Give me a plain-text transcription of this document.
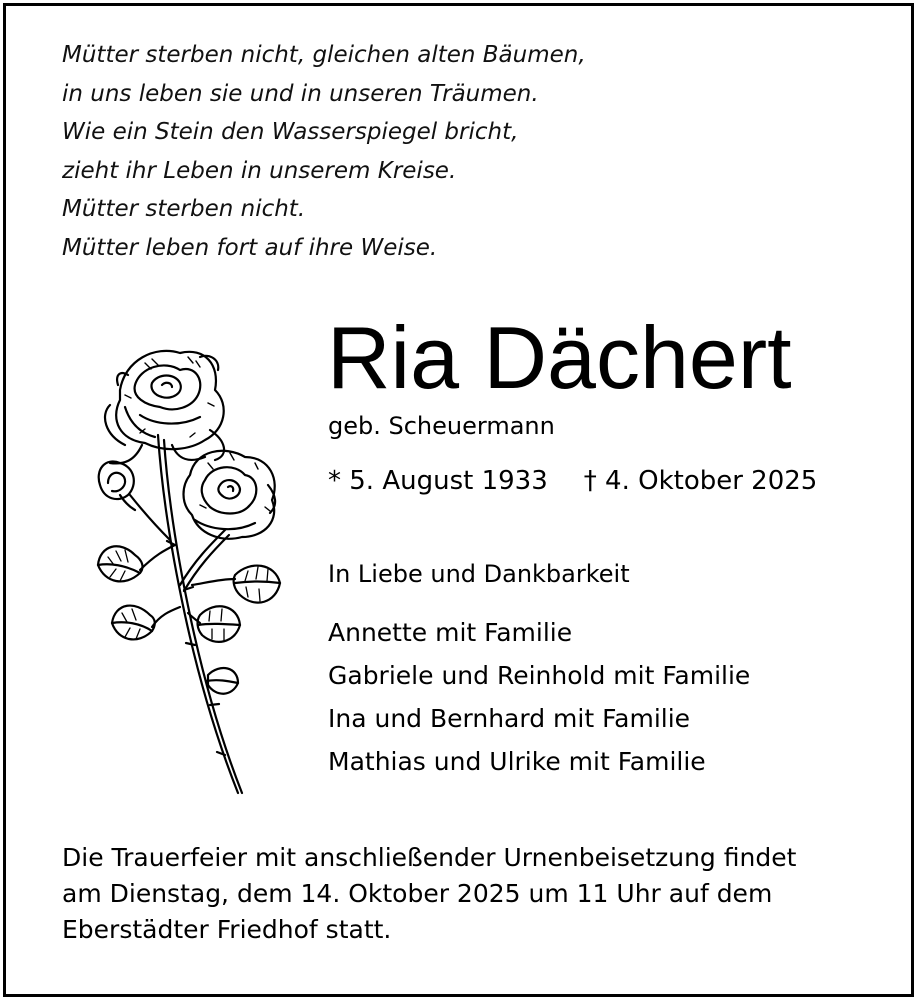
Mütter sterben nicht, gleichen alten Bäumen,
in uns leben sie und in unseren Träumen.
Wie ein Stein den Wasserspiegel bricht,
zieht ihr Leben in unserem Kreise.
Mütter sterben nicht.
Mütter leben fort auf ihre Weise.
Ria Dächert
geb. Scheuermann
* 5. August 1933 † 4. Oktober 2025
In Liebe und Dankbarkeit
Annette mit Familie
Gabriele und Reinhold mit Familie
Ina und Bernhard mit Familie
Mathias und Ulrike mit Familie
Die Trauerfeier mit anschließender Urnenbeisetzung findet
am Dienstag, dem 14. Oktober 2025 um 11 Uhr auf dem
Eberstädter Friedhof statt.
